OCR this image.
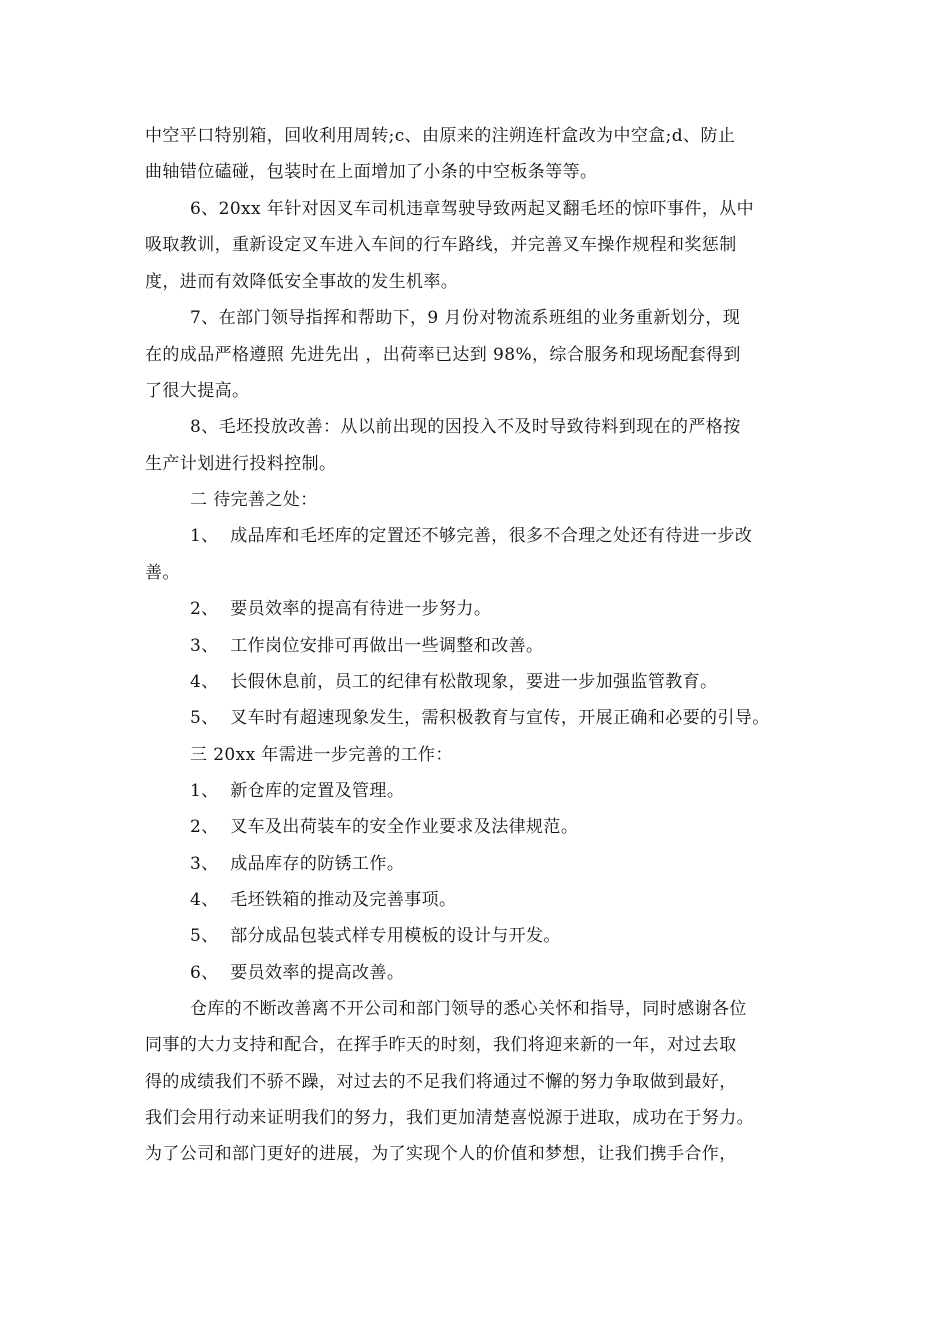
中空平口特别箱，回收利用周转;c、由原来的注朔连杆盒改为中空盒;d、防止
曲轴错位磕碰，包装时在上面增加了小条的中空板条等等。
6、20xx 年针对因叉车司机违章驾驶导致两起叉翻毛坯的惊吓事件，从中
吸取教训，重新设定叉车进入车间的行车路线，并完善叉车操作规程和奖惩制
度，进而有效降低安全事故的发生机率。
7、在部门领导指挥和帮助下，9 月份对物流系班组的业务重新划分，现
在的成品严格遵照 先进先出 ，出荷率已达到 98%，综合服务和现场配套得到
了很大提高。
8、毛坯投放改善：从以前出现的因投入不及时导致待料到现在的严格按
生产计划进行投料控制。
二 待完善之处：
1、  成品库和毛坯库的定置还不够完善，很多不合理之处还有待进一步改
善。
2、  要员效率的提高有待进一步努力。
3、  工作岗位安排可再做出一些调整和改善。
4、  长假休息前，员工的纪律有松散现象，要进一步加强监管教育。
5、  叉车时有超速现象发生，需积极教育与宣传，开展正确和必要的引导。
三 20xx 年需进一步完善的工作：
1、  新仓库的定置及管理。
2、  叉车及出荷装车的安全作业要求及法律规范。
3、  成品库存的防锈工作。
4、  毛坯铁箱的推动及完善事项。
5、  部分成品包装式样专用模板的设计与开发。
6、  要员效率的提高改善。
仓库的不断改善离不开公司和部门领导的悉心关怀和指导，同时感谢各位
同事的大力支持和配合，在挥手昨天的时刻，我们将迎来新的一年，对过去取
得的成绩我们不骄不躁，对过去的不足我们将通过不懈的努力争取做到最好，
我们会用行动来证明我们的努力，我们更加清楚喜悦源于进取，成功在于努力。
为了公司和部门更好的进展，为了实现个人的价值和梦想，让我们携手合作，
